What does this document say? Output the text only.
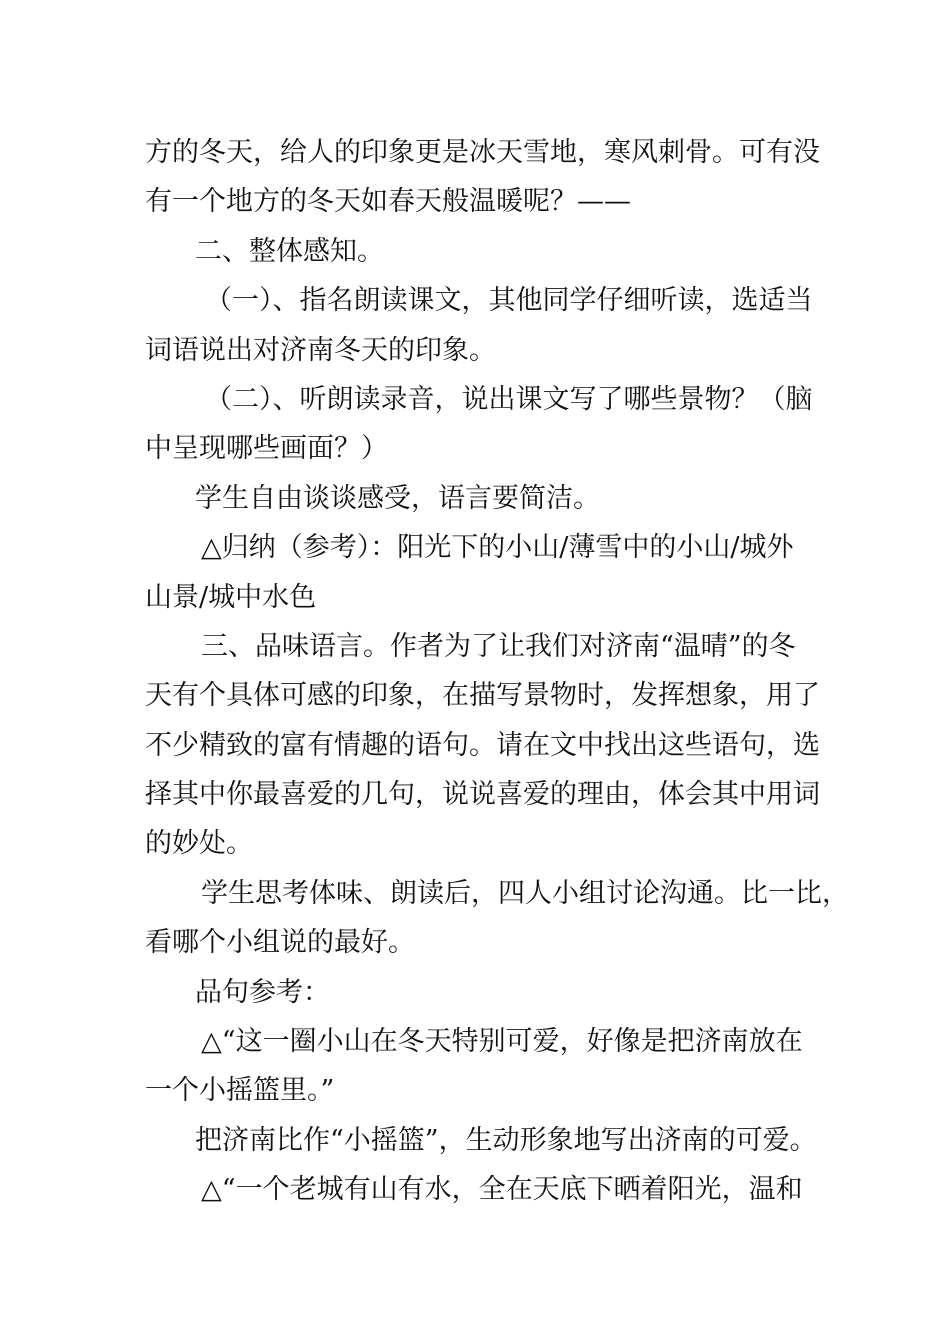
方的冬天，给人的印象更是冰天雪地，寒风刺骨。可有没
有一个地方的冬天如春天般温暖呢？——
二、整体感知。
（一）、指名朗读课文，其他同学仔细听读，选适当
词语说出对济南冬天的印象。
（二）、听朗读录音，说出课文写了哪些景物？（脑
中呈现哪些画面？）
学生自由谈谈感受，语言要简洁。
△归纳（参考）：阳光下的小山/薄雪中的小山/城外
山景/城中水色
三、品味语言。作者为了让我们对济南“温晴”的冬
天有个具体可感的印象，在描写景物时，发挥想象，用了
不少精致的富有情趣的语句。请在文中找出这些语句，选
择其中你最喜爱的几句，说说喜爱的理由，体会其中用词
的妙处。
学生思考体味、朗读后，四人小组讨论沟通。比一比，
看哪个小组说的最好。
品句参考：
△“这一圈小山在冬天特别可爱，好像是把济南放在
一个小摇篮里。”
把济南比作“小摇篮”，生动形象地写出济南的可爱。
△“一个老城有山有水，全在天底下晒着阳光，温和
